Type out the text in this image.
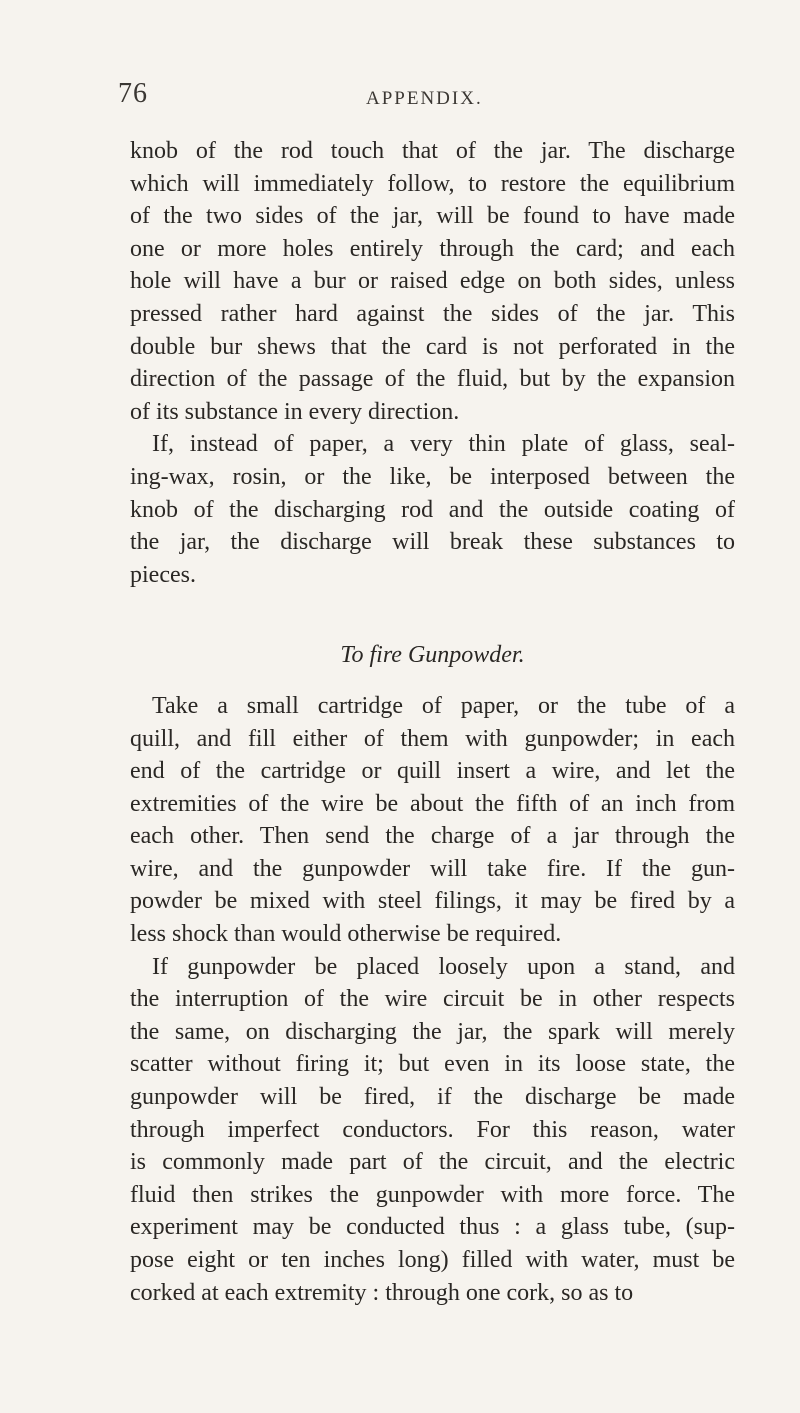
76	APPENDIX.
knob of the rod touch that of the jar. The discharge
which will immediately follow, to restore the equilibrium
of the two sides of the jar, will be found to have made
one or more holes entirely through the card; and each
hole will have a bur or raised edge on both sides, unless
pressed rather hard against the sides of the jar. This
double bur shews that the card is not perforated in the
direction of the passage of the fluid, but by the expansion
of its substance in every direction.
If, instead of paper, a very thin plate of glass, seal-
ing-wax, rosin, or the like, be interposed between the
knob of the discharging rod and the outside coating of
the jar, the discharge will break these substances to
pieces.
To fire Gunpowder.
Take a small cartridge of paper, or the tube of a
quill, and fill either of them with gunpowder; in each
end of the cartridge or quill insert a wire, and let the
extremities of the wire be about the fifth of an inch from
each other. Then send the charge of a jar through the
wire, and the gunpowder will take fire. If the gun-
powder be mixed with steel filings, it may be fired by a
less shock than would otherwise be required.
If gunpowder be placed loosely upon a stand, and
the interruption of the wire circuit be in other respects
the same, on discharging the jar, the spark will merely
scatter without firing it; but even in its loose state, the
gunpowder will be fired, if the discharge be made
through imperfect conductors. For this reason, water
is commonly made part of the circuit, and the electric
fluid then strikes the gunpowder with more force. The
experiment may be conducted thus : a glass tube, (sup-
pose eight or ten inches long) filled with water, must be
corked at each extremity : through one cork, so as to
